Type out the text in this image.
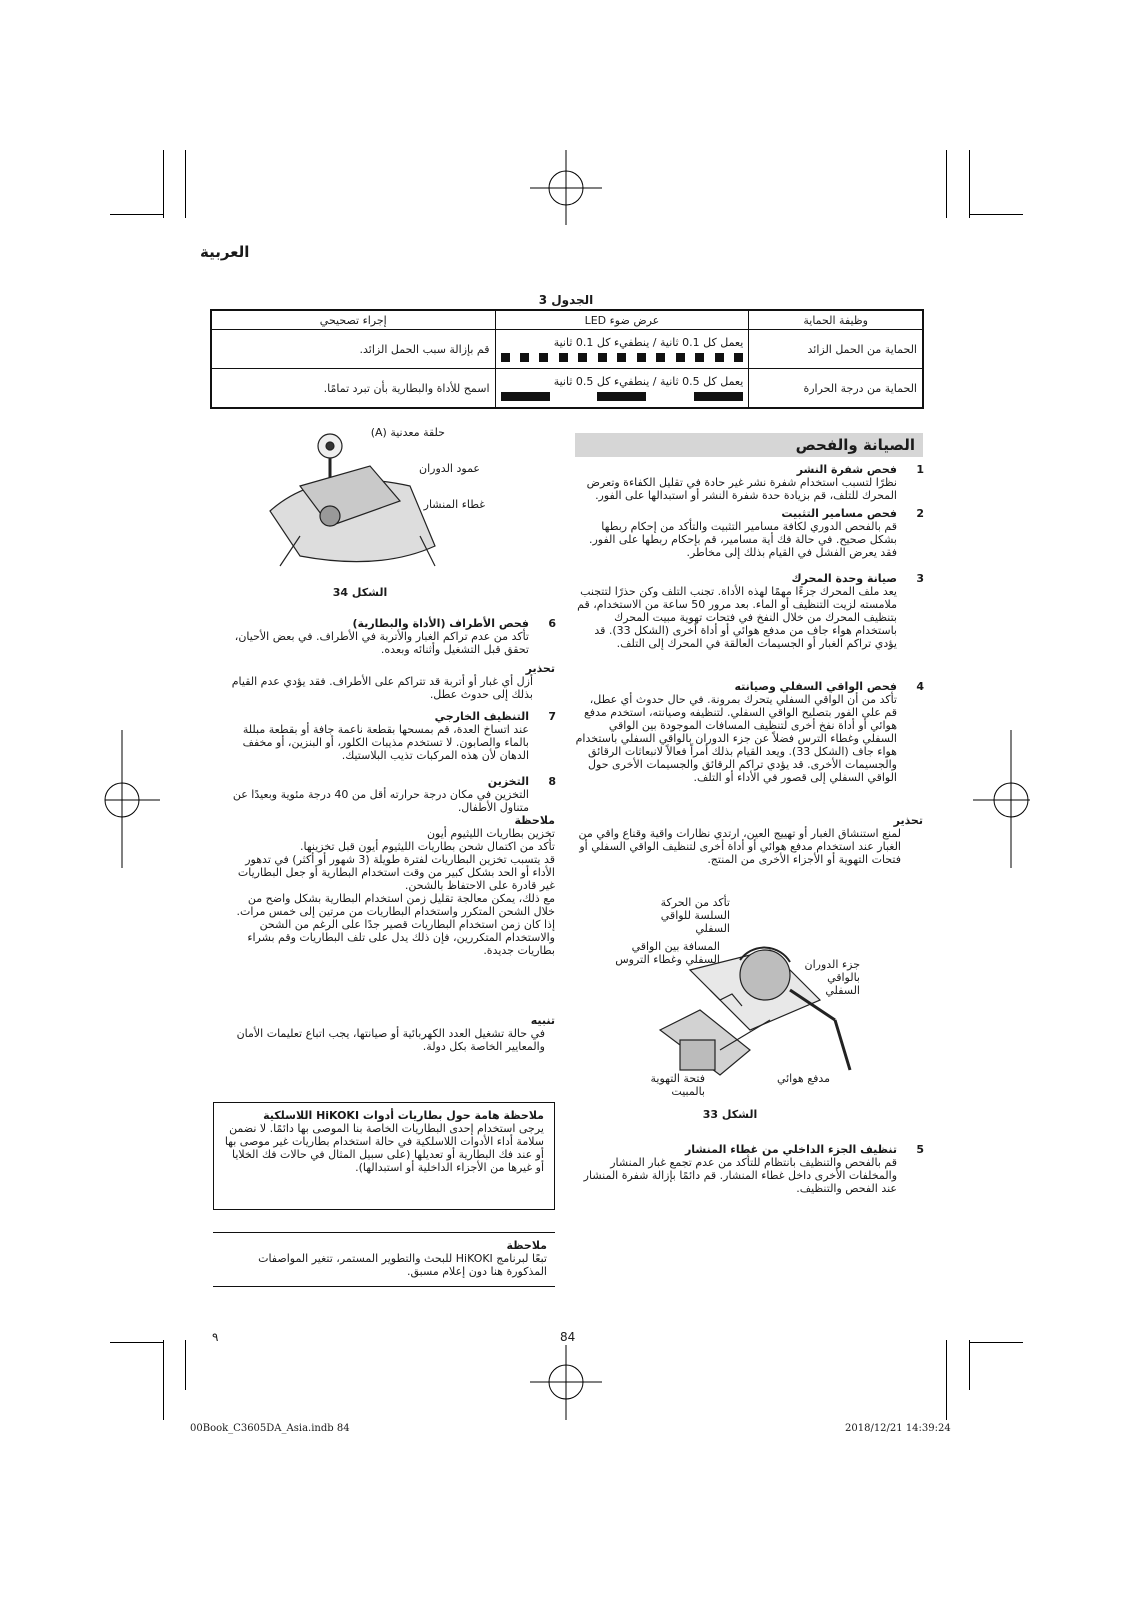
العربية
الجدول 3
وظيفة الحماية	عرض ضوء LED	إجراء تصحيحي
الحماية من الحمل الزائد	يعمل كل 0.1 ثانية / ينطفيء كل 0.1 ثانية	قم بإزالة سبب الحمل الزائد.
الحماية من درجة الحرارة	يعمل كل 0.5 ثانية / ينطفيء كل 0.5 ثانية	اسمح للأداة والبطارية بأن تبرد تمامًا.
الصيانة والفحص
1
فحص شفرة النشر

نظرًا لتسبب استخدام شفرة نشر غير حادة في تقليل الكفاءة وتعرض المحرك للتلف، قم بزيادة حدة شفرة النشر أو استبدالها على الفور.

2
فحص مسامير التثبيت

قم بالفحص الدوري لكافة مسامير التثبيت والتأكد من إحكام ربطها بشكل صحيح. في حالة فك أية مسامير، قم بإحكام ربطها على الفور. فقد يعرض الفشل في القيام بذلك إلى مخاطر.

3
صيانة وحدة المحرك

يعد ملف المحرك جزءًا مهمًا لهذه الأداة. تجنب التلف وكن حذرًا لتتجنب ملامسته لزيت التنظيف أو الماء. بعد مرور 50 ساعة من الاستخدام، قم بتنظيف المحرك من خلال النفخ في فتحات تهوية مبيت المحرك باستخدام هواء جاف من مدفع هوائي أو أداة أخرى (الشكل 33). قد يؤدي تراكم الغبار أو الجسيمات العالقة في المحرك إلى التلف.

4
فحص الواقي السفلي وصيانته

تأكد من أن الواقي السفلي يتحرك بمرونة. في حال حدوث أي عطل، قم على الفور بتصليح الواقي السفلي. لتنظيفه وصيانته، استخدم مدفع هوائي أو أداة نفخ أخرى لتنظيف المسافات الموجودة بين الواقي السفلي وغطاء الترس فضلاً عن جزء الدوران بالواقي السفلي باستخدام هواء جاف (الشكل 33). ويعد القيام بذلك أمراً فعالاً لانبعاثات الرقائق والجسيمات الأخرى. قد يؤدي تراكم الرقائق والجسيمات الأخرى حول الواقي السفلي إلى قصور في الأداء أو التلف.

تحذير

لمنع استنشاق الغبار أو تهييج العين، ارتدي نظارات واقية وقناع واقي من الغبار عند استخدام مدفع هوائي أو أداة أخرى لتنظيف الواقي السفلي أو فتحات التهوية أو الأجزاء الأخرى من المنتج.

تأكد من الحركة السلسة للواقي السفلي
المسافة بين الواقي السفلي وغطاء التروس	جزء الدوران بالواقي السفلي
فتحة التهوية بالمبيت
مدفع هوائي
الشكل 33
5
تنظيف الجزء الداخلي من غطاء المنشار

قم بالفحص والتنظيف بانتظام للتأكد من عدم تجمع غبار المنشار والمخلفات الأخرى داخل غطاء المنشار. قم دائمًا بإزالة شفرة المنشار عند الفحص والتنظيف.

حلقة معدنية (A)
عمود الدوران
غطاء المنشار
الشكل 34
6
فحص الأطراف (الأداة والبطارية)

تأكد من عدم تراكم الغبار والأتربة في الأطراف. في بعض الأحيان، تحقق قبل التشغيل وأثنائه وبعده.

تحذير

أزل أي غبار أو أتربة قد تتراكم على الأطراف. فقد يؤدي عدم القيام بذلك إلى حدوث عطل.

7
التنظيف الخارجي

عند اتساخ العدة، قم بمسحها بقطعة ناعمة جافة أو بقطعة مبللة بالماء والصابون. لا تستخدم مذيبات الكلور، أو البنزين، أو مخفف الدهان لأن هذه المركبات تذيب البلاستيك.

8
التخزين

التخزين في مكان درجة حرارته أقل من 40 درجة مئوية وبعيدًا عن متناول الأطفال.

ملاحظة

تخزين بطاريات الليثيوم أيون

تأكد من اكتمال شحن بطاريات الليثيوم أيون قبل تخزينها.

قد يتسبب تخزين البطاريات لفترة طويلة (3 شهور أو أكثر) في تدهور الأداء أو الحد بشكل كبير من وقت استخدام البطارية أو جعل البطاريات غير قادرة على الاحتفاظ بالشحن.

مع ذلك، يمكن معالجة تقليل زمن استخدام البطارية بشكل واضح من خلال الشحن المتكرر واستخدام البطاريات من مرتين إلى خمس مرات.

إذا كان زمن استخدام البطاريات قصير جدًا على الرغم من الشحن والاستخدام المتكررين، فإن ذلك يدل على تلف البطاريات وقم بشراء بطاريات جديدة.

تنبيه

في حالة تشغيل العدد الكهربائية أو صيانتها، يجب اتباع تعليمات الأمان والمعايير الخاصة بكل دولة.

ملاحظة هامة حول بطاريات أدوات HiKOKI اللاسلكية
يرجى استخدام إحدى البطاريات الخاصة بنا الموصى بها دائمًا. لا نضمن سلامة أداء الأدوات اللاسلكية في حالة استخدام بطاريات غير موصى بها أو عند فك البطارية أو تعديلها (على سبيل المثال في حالات فك الخلايا أو غيرها من الأجزاء الداخلية أو استبدالها).
ملاحظة
تبعًا لبرنامج HiKOKI للبحث والتطوير المستمر، تتغير المواصفات المذكورة هنا دون إعلام مسبق.
84
٩
00Book_C3605DA_Asia.indb 84	2018/12/21 14:39:24
